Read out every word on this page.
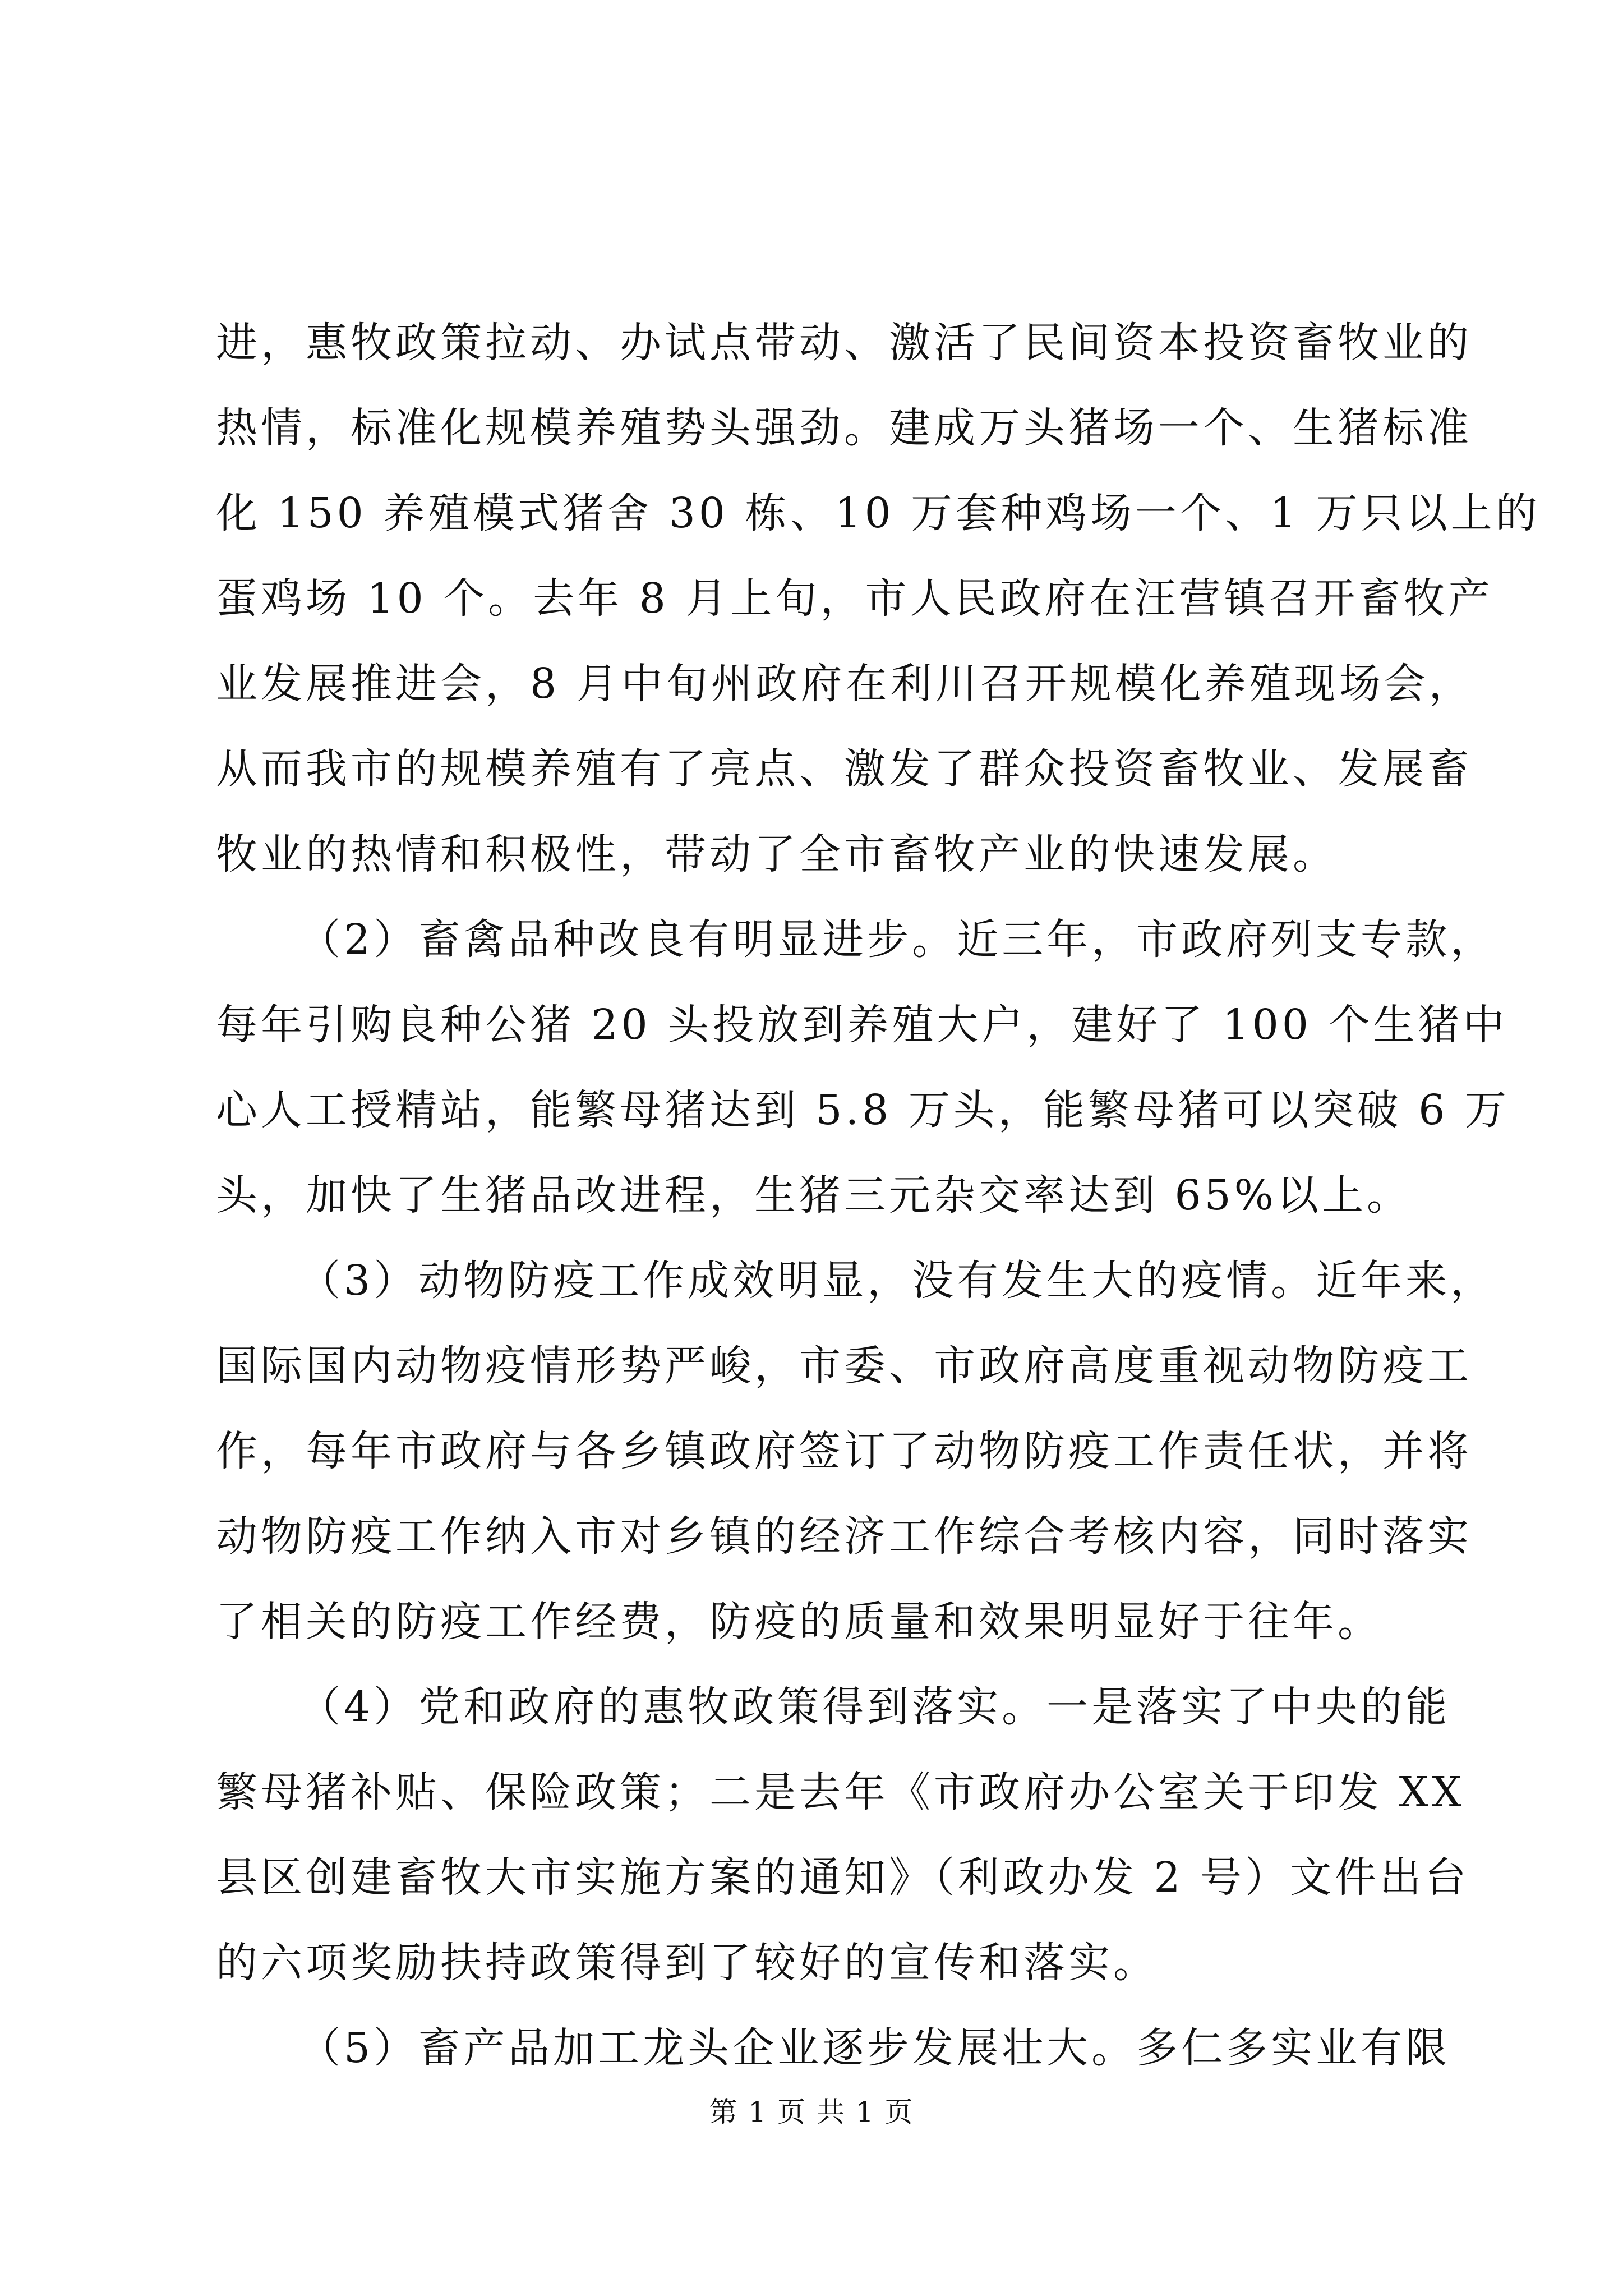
进，惠牧政策拉动、办试点带动、激活了民间资本投资畜牧业的
热情，标准化规模养殖势头强劲。建成万头猪场一个、生猪标准
化 150 养殖模式猪舍 30 栋、10 万套种鸡场一个、1 万只以上的
蛋鸡场 10 个。去年 8 月上旬，市人民政府在汪营镇召开畜牧产
业发展推进会，8 月中旬州政府在利川召开规模化养殖现场会，
从而我市的规模养殖有了亮点、激发了群众投资畜牧业、发展畜
牧业的热情和积极性，带动了全市畜牧产业的快速发展。
（2）畜禽品种改良有明显进步。近三年，市政府列支专款，
每年引购良种公猪 20 头投放到养殖大户，建好了 100 个生猪中
心人工授精站，能繁母猪达到 5.8 万头，能繁母猪可以突破 6 万
头，加快了生猪品改进程，生猪三元杂交率达到 65%以上。
（3）动物防疫工作成效明显，没有发生大的疫情。近年来，
国际国内动物疫情形势严峻，市委、市政府高度重视动物防疫工
作，每年市政府与各乡镇政府签订了动物防疫工作责任状，并将
动物防疫工作纳入市对乡镇的经济工作综合考核内容，同时落实
了相关的防疫工作经费，防疫的质量和效果明显好于往年。
（4）党和政府的惠牧政策得到落实。一是落实了中央的能
繁母猪补贴、保险政策；二是去年《市政府办公室关于印发 XX
县区创建畜牧大市实施方案的通知》（利政办发 2 号）文件出台
的六项奖励扶持政策得到了较好的宣传和落实。
（5）畜产品加工龙头企业逐步发展壮大。多仁多实业有限
第 1 页 共 1 页
